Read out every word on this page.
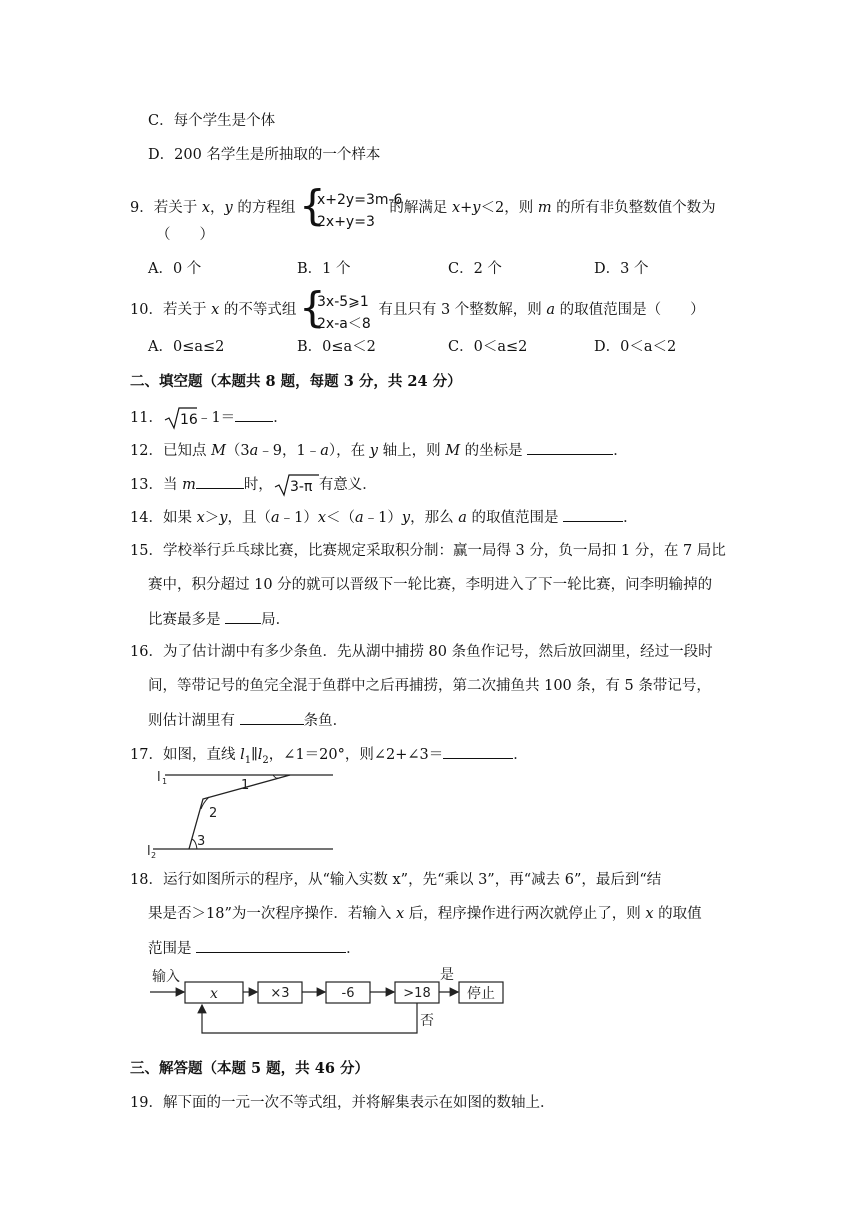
C．每个学生是个体
D．200 名学生是所抽取的一个样本
9．若关于 x，y 的方程组 {
x+2y=3m-6
2x+y=3
的解满足 x+y＜2，则 m 的所有非负整数值个数为
（　　）
A．0 个	B．1 个	C．2 个	D．3 个
10．若关于 x 的不等式组 {
3x-5⩾1
2x-a＜8
有且只有 3 个整数解，则 a 的取值范围是（　　）
A．0≤a≤2	B．0≤a＜2	C．0＜a≤2	D．0＜a＜2
二、填空题（本题共 8 题，每题 3 分，共 24 分）
11． 16 ﹣1＝	．
12．已知点 M（3a﹣9，1﹣a），在 y 轴上，则 M 的坐标是	．
13．当 m	时， 3-π 有意义．
14．如果 x＞y，且（a﹣1）x＜（a﹣1）y，那么 a 的取值范围是	．
15．学校举行乒乓球比赛，比赛规定采取积分制：赢一局得 3 分，负一局扣 1 分，在 7 局比
赛中，积分超过 10 分的就可以晋级下一轮比赛，李明进入了下一轮比赛，问李明输掉的
比赛最多是 局．
16．为了估计湖中有多少条鱼．先从湖中捕捞 80 条鱼作记号，然后放回湖里，经过一段时
间，等带记号的鱼完全混于鱼群中之后再捕捞，第二次捕鱼共 100 条，有 5 条带记号，
则估计湖里有	条鱼．
17．如图，直线 $l_1\parallel l_2$，∠1＝20°，则∠2+∠3＝	．
l 1
l 2
1
2
3
18．运行如图所示的程序，从“输入实数 x”，先“乘以 3”，再“减去 6”，最后到“结
果是否＞18”为一次程序操作．若输入 x 后，程序操作进行两次就停止了，则 x 的取值
范围是	．
输入
x	×3	-6	>18
是
停止
否
三、解答题（本题 5 题，共 46 分）
19．解下面的一元一次不等式组，并将解集表示在如图的数轴上．
